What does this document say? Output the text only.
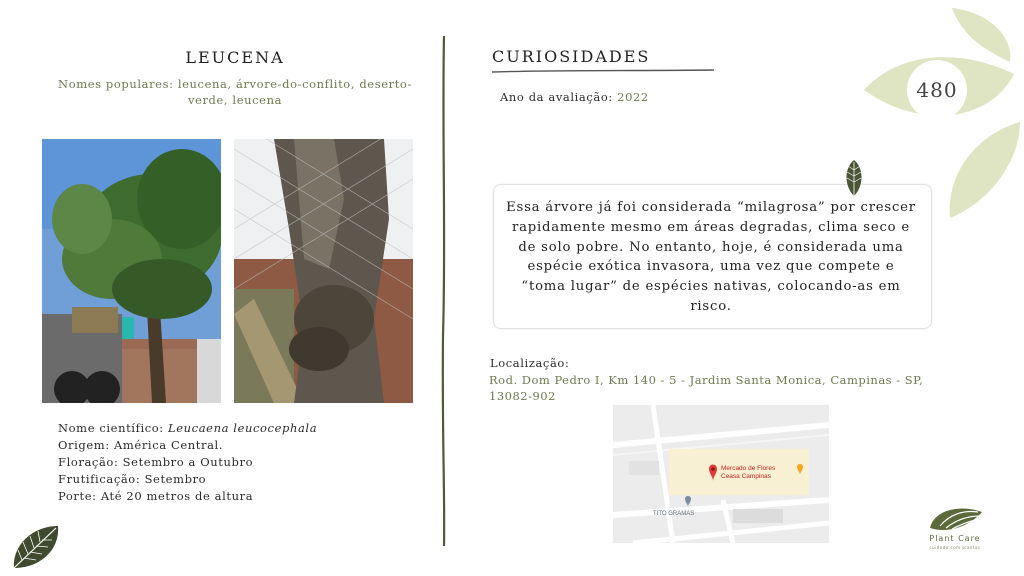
480
LEUCENA
Nomes populares: leucena, árvore-do-conflito, deserto-verde, leucena
Nome científico: Leucaena leucocephala
Origem: América Central.
Floração: Setembro a Outubro
Frutificação: Setembro
Porte: Até 20 metros de altura
CURIOSIDADES
Ano da avaliação: 2022
Essa árvore já foi considerada “milagrosa” por crescer rapidamente mesmo em áreas degradas, clima seco e de solo pobre. No entanto, hoje, é considerada uma espécie exótica invasora, uma vez que compete e “toma lugar” de espécies nativas, colocando-as em risco.
Localização:
Rod. Dom Pedro I, Km 140 - 5 - Jardim Santa Monica, Campinas - SP, 13082-902
Mercado de Flores
Ceasa Campinas
TITO GRAMAS
Plant Care
cuidado com plantas
